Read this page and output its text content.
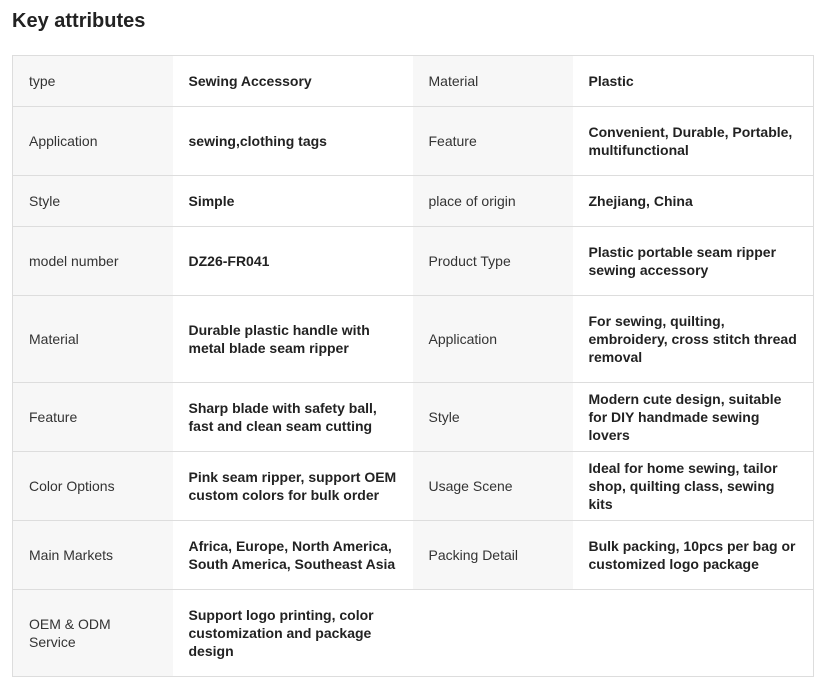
Key attributes
type	Sewing Accessory	Material	Plastic
Application	sewing,clothing tags	Feature	Convenient, Durable, Portable, multifunctional
Style	Simple	place of origin	Zhejiang, China
model number	DZ26-FR041	Product Type	Plastic portable seam ripper sewing accessory
Material	Durable plastic handle with metal blade seam ripper	Application	For sewing, quilting, embroidery, cross stitch thread removal
Feature	Sharp blade with safety ball, fast and clean seam cutting	Style	Modern cute design, suitable for DIY handmade sewing lovers
Color Options	Pink seam ripper, support OEM custom colors for bulk order	Usage Scene	Ideal for home sewing, tailor shop, quilting class, sewing kits
Main Markets	Africa, Europe, North America, South America, Southeast Asia	Packing Detail	Bulk packing, 10pcs per bag or customized logo package
OEM & ODM Service	Support logo printing, color customization and package design		
